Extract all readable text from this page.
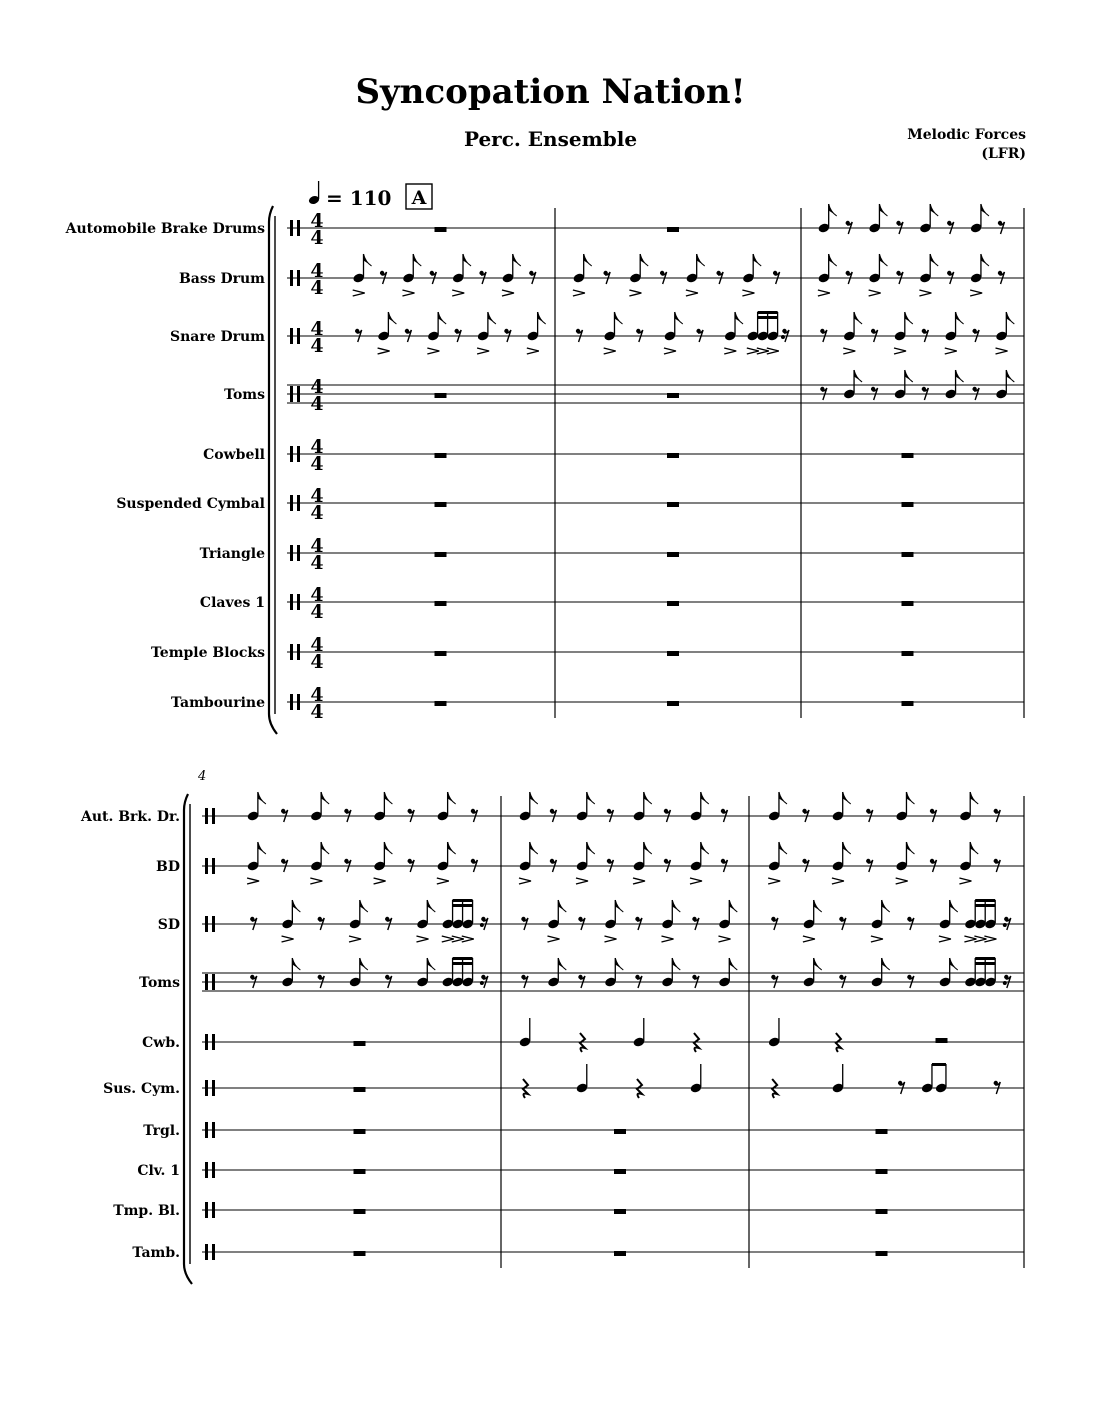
Syncopation Nation!
Perc. Ensemble	Melodic Forces
(LFR)
Automobile Brake Drums 4
4
Bass Drum 4
4
Snare Drum 4
4
Toms 4
4
Cowbell 4
4
Suspended Cymbal 4
4
Triangle 4
4
Claves 1 4
4
Temple Blocks 4
4
Tambourine 4
4
Aut. Brk. Dr.
BD
SD
Toms
Cwb.
Sus. Cym.
Trgl.
Clv. 1
Tmp. Bl.
Tamb.
= 110 A
4
